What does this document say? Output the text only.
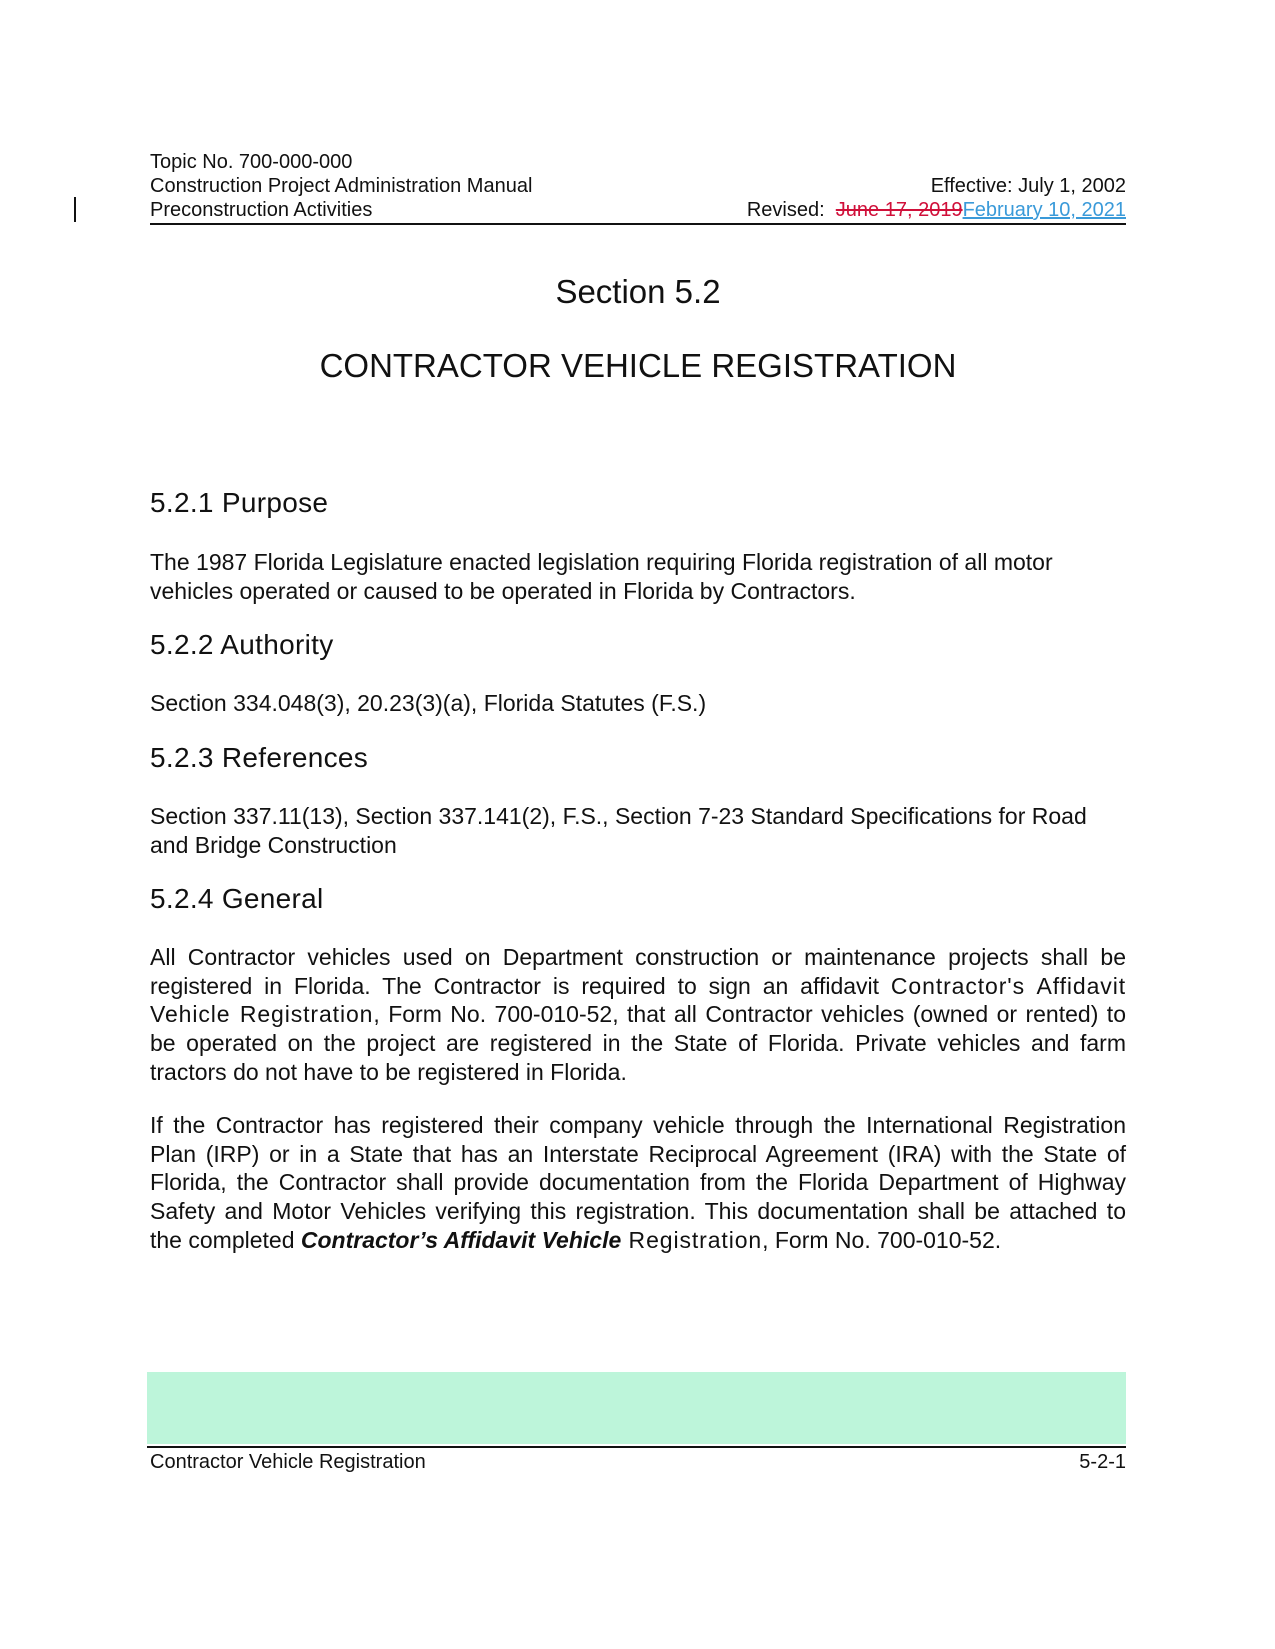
Topic No. 700-000-000
Construction Project Administration Manual	Effective: July 1, 2002
Preconstruction Activities	Revised:  June 17, 2019February 10, 2021
Section 5.2
CONTRACTOR VEHICLE REGISTRATION
5.2.1 Purpose
The 1987 Florida Legislature enacted legislation requiring Florida registration of all motor vehicles operated or caused to be operated in Florida by Contractors.
5.2.2 Authority
Section 334.048(3), 20.23(3)(a), Florida Statutes (F.S.)
5.2.3 References
Section 337.11(13), Section 337.141(2), F.S., Section 7-23 Standard Specifications for Road and Bridge Construction
5.2.4 General
All Contractor vehicles used on Department construction or maintenance projects shall be registered in Florida. The Contractor is required to sign an affidavit Contractor's Affidavit Vehicle Registration, Form No. 700-010-52, that all Contractor vehicles (owned or rented) to be operated on the project are registered in the State of Florida. Private vehicles and farm tractors do not have to be registered in Florida.
If the Contractor has registered their company vehicle through the International Registration Plan (IRP) or in a State that has an Interstate Reciprocal Agreement (IRA) with the State of Florida, the Contractor shall provide documentation from the Florida Department of Highway Safety and Motor Vehicles verifying this registration. This documentation shall be attached to the completed Contractor’s Affidavit Vehicle Registration, Form No. 700-010-52.
Contractor Vehicle Registration	5-2-1
